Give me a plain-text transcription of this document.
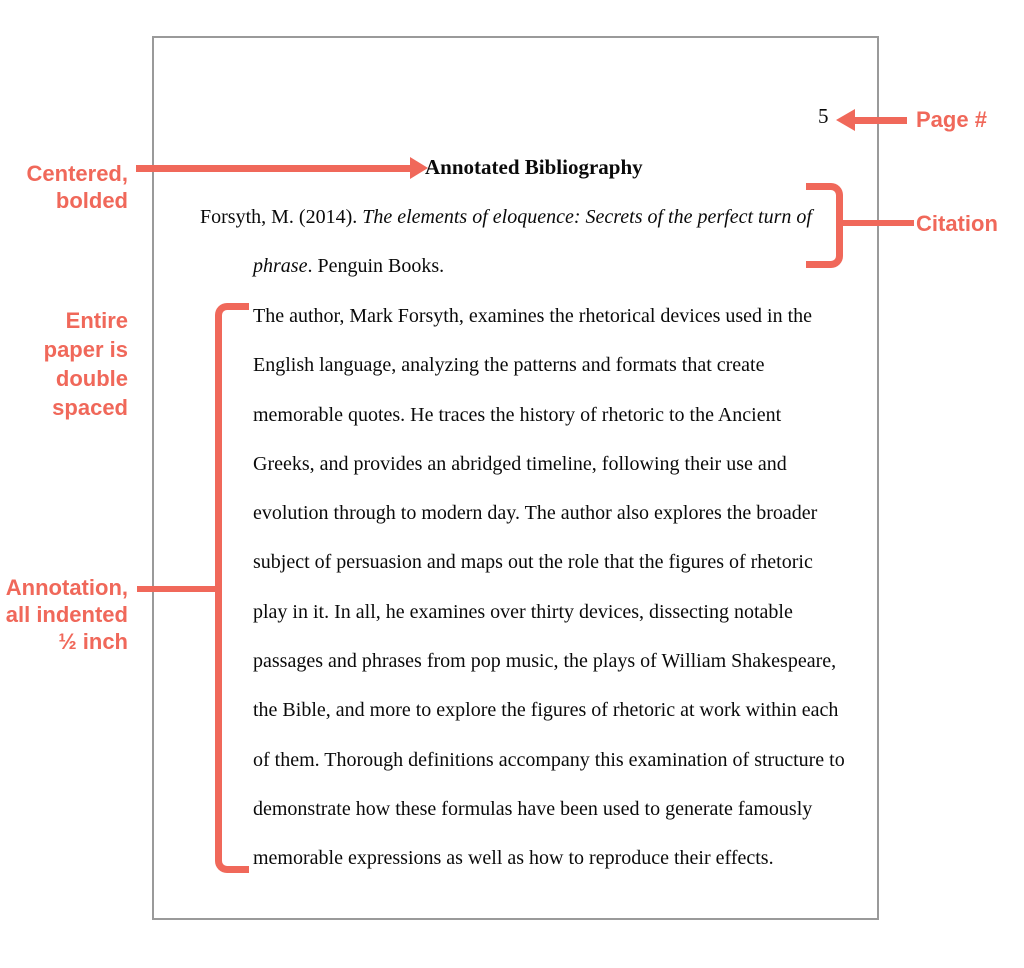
5
Annotated Bibliography
Forsyth, M. (2014). The elements of eloquence: Secrets of the perfect turn of
phrase. Penguin Books.
The author, Mark Forsyth, examines the rhetorical devices used in the
English language, analyzing the patterns and formats that create
memorable quotes. He traces the history of rhetoric to the Ancient
Greeks, and provides an abridged timeline, following their use and
evolution through to modern day. The author also explores the broader
subject of persuasion and maps out the role that the figures of rhetoric
play in it. In all, he examines over thirty devices, dissecting notable
passages and phrases from pop music, the plays of William Shakespeare,
the Bible, and more to explore the figures of rhetoric at work within each
of them. Thorough definitions accompany this examination of structure to
demonstrate how these formulas have been used to generate famously
memorable expressions as well as how to reproduce their effects.
Page #
Centered,
bolded
Citation
Entire
paper is
double
spaced
Annotation,
all indented
½ inch
